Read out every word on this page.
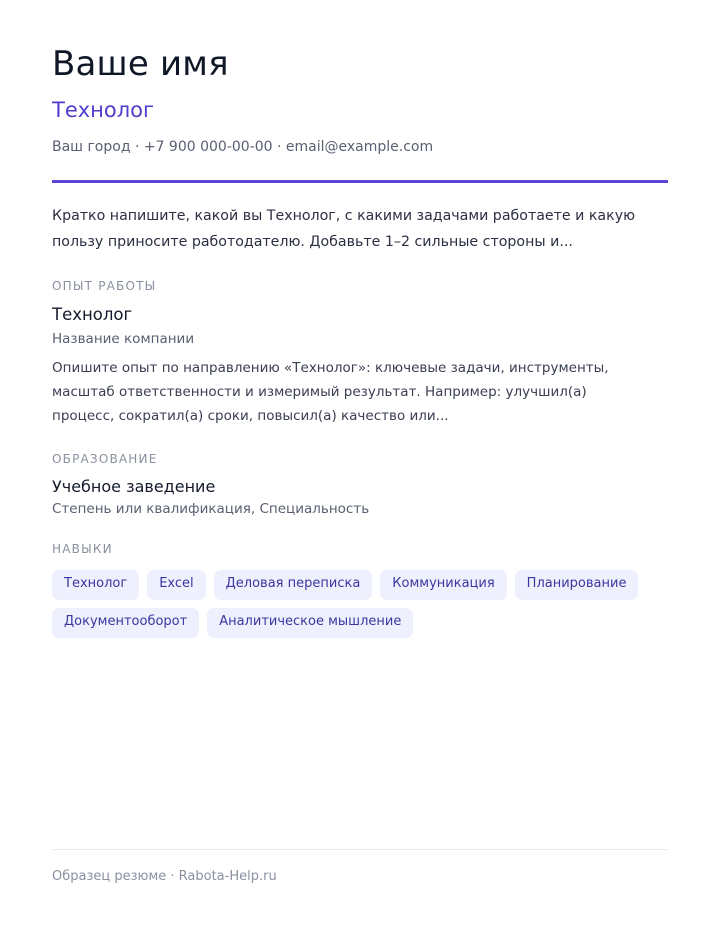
Ваше имя
Технолог
Ваш город · +7 900 000-00-00 · email@example.com

Кратко напишите, какой вы Технолог, с какими задачами работаете и какую пользу приносите работодателю. Добавьте 1–2 сильные стороны и...

ОПЫТ РАБОТЫ
Технолог
Название компании

Опишите опыт по направлению «Технолог»: ключевые задачи, инструменты, масштаб ответственности и измеримый результат. Например: улучшил(а) процесс, сократил(а) сроки, повысил(а) качество или...

ОБРАЗОВАНИЕ
Учебное заведение
Степень или квалификация, Специальность
НАВЫКИ
Технолог	Excel	Деловая переписка	Коммуникация	Планирование
Документооборот	Аналитическое мышление
Образец резюме · Rabota-Help.ru
